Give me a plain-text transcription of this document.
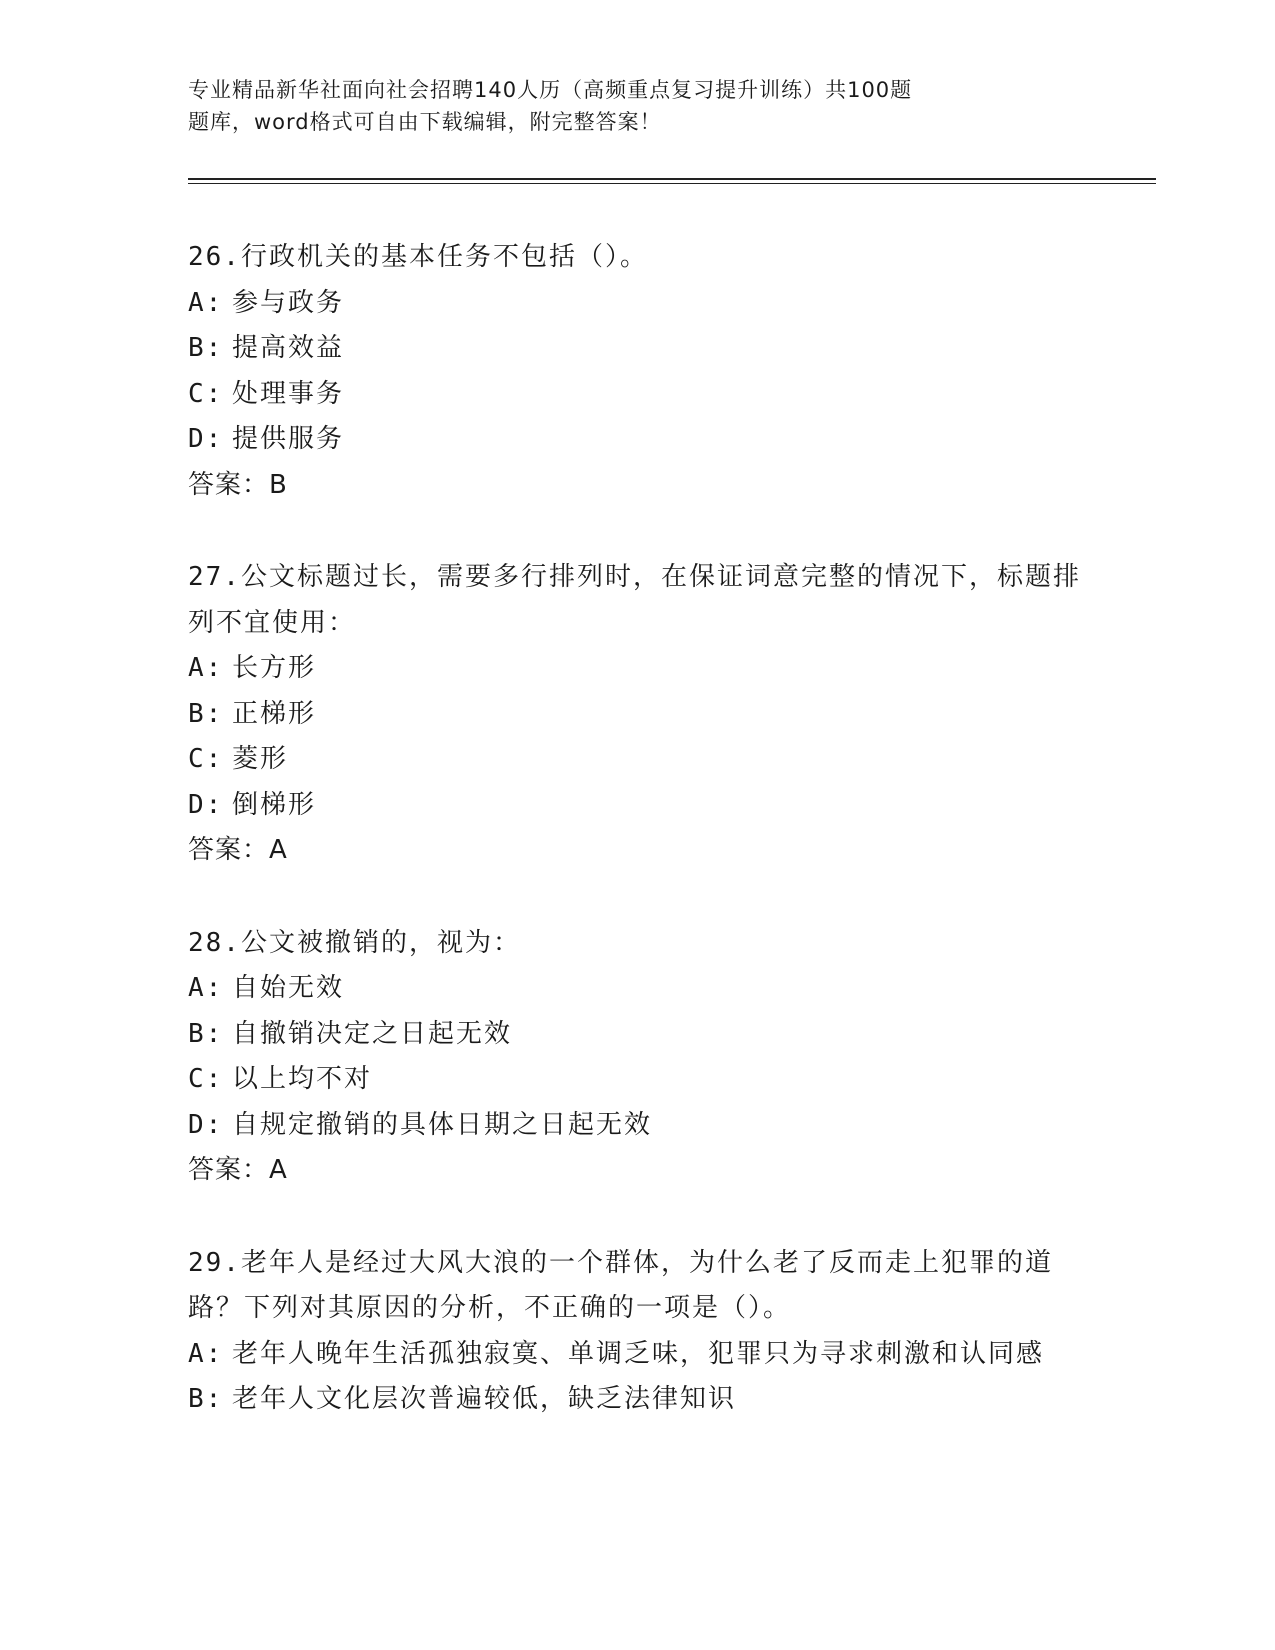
专业精品新华社面向社会招聘140人历（高频重点复习提升训练）共100题
题库，word格式可自由下载编辑，附完整答案！
26.行政机关的基本任务不包括（）。
A: 参与政务
B: 提高效益
C: 处理事务
D: 提供服务
答案：B
27.公文标题过长，需要多行排列时，在保证词意完整的情况下，标题排列不宜使用：
A: 长方形
B: 正梯形
C: 菱形
D: 倒梯形
答案：A
28.公文被撤销的，视为：
A: 自始无效
B: 自撤销决定之日起无效
C: 以上均不对
D: 自规定撤销的具体日期之日起无效
答案：A
29.老年人是经过大风大浪的一个群体，为什么老了反而走上犯罪的道路？下列对其原因的分析，不正确的一项是（）。
A: 老年人晚年生活孤独寂寞、单调乏味，犯罪只为寻求刺激和认同感
B: 老年人文化层次普遍较低，缺乏法律知识
